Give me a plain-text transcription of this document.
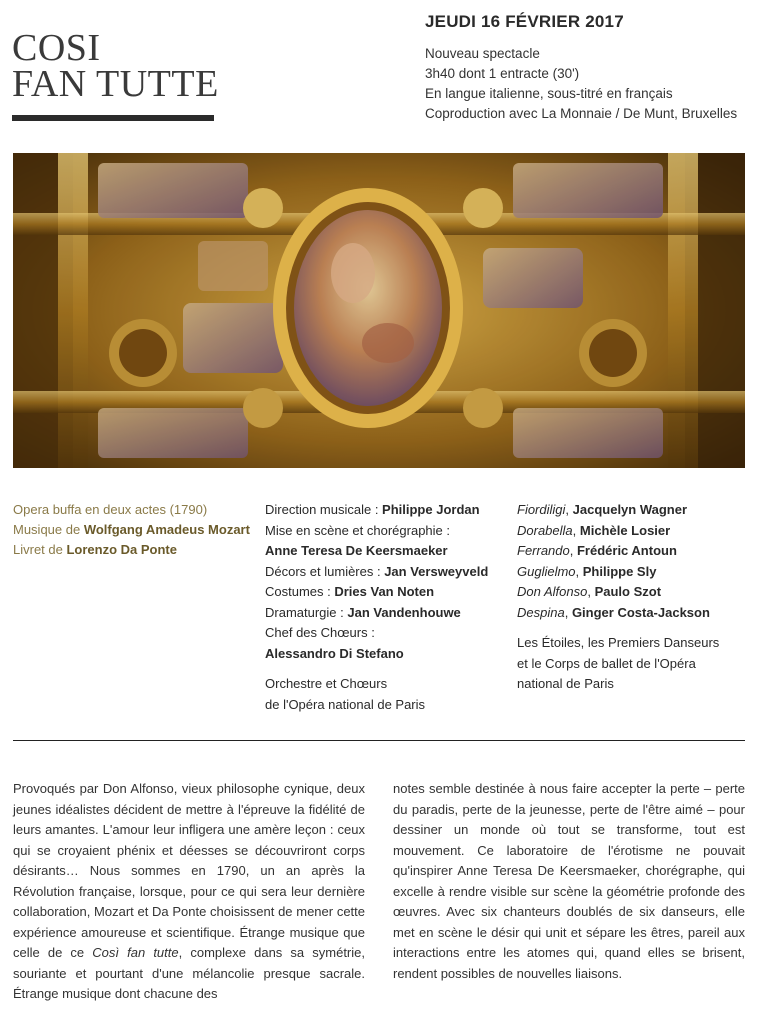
COSI
FAN TUTTE
JEUDI 16 FÉVRIER 2017
Nouveau spectacle
3h40 dont 1 entracte (30')
En langue italienne, sous-titré en français
Coproduction avec La Monnaie / De Munt, Bruxelles
Opera buffa en deux actes (1790)
Musique de Wolfgang Amadeus Mozart
Livret de Lorenzo Da Ponte
Direction musicale : Philippe Jordan
Mise en scène et chorégraphie :
Anne Teresa De Keersmaeker
Décors et lumières : Jan Versweyveld
Costumes : Dries Van Noten
Dramaturgie : Jan Vandenhouwe
Chef des Chœurs :
Alessandro Di Stefano
Orchestre et Chœurs
de l'Opéra national de Paris
Fiordiligi, Jacquelyn Wagner
Dorabella, Michèle Losier
Ferrando, Frédéric Antoun
Guglielmo, Philippe Sly
Don Alfonso, Paulo Szot
Despina, Ginger Costa-Jackson
Les Étoiles, les Premiers Danseurs
et le Corps de ballet de l'Opéra
national de Paris

Provoqués par Don Alfonso, vieux philosophe cynique, deux jeunes idéalistes décident de mettre à l'épreuve la fidélité de leurs amantes. L'amour leur infligera une amère leçon : ceux qui se croyaient phénix et déesses se découvriront corps désirants… Nous sommes en 1790, un an après la Révolution française, lorsque, pour ce qui sera leur dernière collaboration, Mozart et Da Ponte choisissent de mener cette expérience amoureuse et scientifique. Étrange musique que celle de ce Così fan tutte, complexe dans sa symétrie, souriante et pourtant d'une mélancolie presque sacrale. Étrange musique dont chacune des

notes semble destinée à nous faire accepter la perte – perte du paradis, perte de la jeunesse, perte de l'être aimé – pour dessiner un monde où tout se transforme, tout est mouvement. Ce laboratoire de l'érotisme ne pouvait qu'inspirer Anne Teresa De Keersmaeker, chorégraphe, qui excelle à rendre visible sur scène la géométrie profonde des œuvres. Avec six chanteurs doublés de six danseurs, elle met en scène le désir qui unit et sépare les êtres, pareil aux interactions entre les atomes qui, quand elles se brisent, rendent possibles de nouvelles liaisons.
